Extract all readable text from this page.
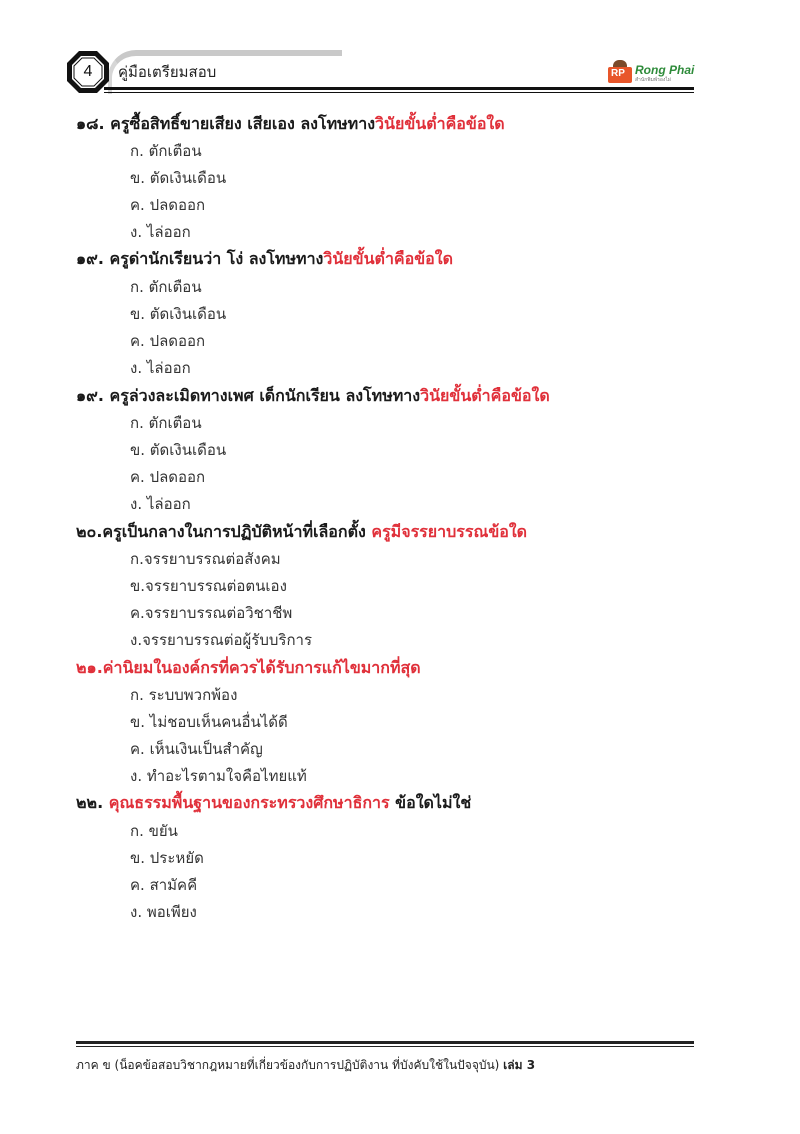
4	คู่มือเตรียมสอบ	RP Rong Phai
สำนักพิมพ์รองไผ่
๑๘. ครูซื้อสิทธิ์ขายเสียง เสียเอง ลงโทษทางวินัยขั้นต่ำคือข้อใด
ก. ตักเตือน
ข. ตัดเงินเดือน
ค. ปลดออก
ง. ไล่ออก
๑๙. ครูด่านักเรียนว่า โง่ ลงโทษทางวินัยขั้นต่ำคือข้อใด
ก. ตักเตือน
ข. ตัดเงินเดือน
ค. ปลดออก
ง. ไล่ออก
๑๙. ครูล่วงละเมิดทางเพศ เด็กนักเรียน ลงโทษทางวินัยขั้นต่ำคือข้อใด
ก. ตักเตือน
ข. ตัดเงินเดือน
ค. ปลดออก
ง. ไล่ออก
๒๐.ครูเป็นกลางในการปฏิบัติหน้าที่เลือกตั้ง ครูมีจรรยาบรรณข้อใด
ก.จรรยาบรรณต่อสังคม
ข.จรรยาบรรณต่อตนเอง
ค.จรรยาบรรณต่อวิชาชีพ
ง.จรรยาบรรณต่อผู้รับบริการ
๒๑.ค่านิยมในองค์กรที่ควรได้รับการแก้ไขมากที่สุด
ก. ระบบพวกพ้อง
ข. ไม่ชอบเห็นคนอื่นได้ดี
ค. เห็นเงินเป็นสำคัญ
ง. ทำอะไรตามใจคือไทยแท้
๒๒. คุณธรรมพื้นฐานของกระทรวงศึกษาธิการ ข้อใดไม่ใช่
ก. ขยัน
ข. ประหยัด
ค. สามัคคี
ง. พอเพียง
ภาค ข (น็อคข้อสอบวิชากฎหมายที่เกี่ยวข้องกับการปฏิบัติงาน ที่บังคับใช้ในปัจจุบัน) เล่ม 3
